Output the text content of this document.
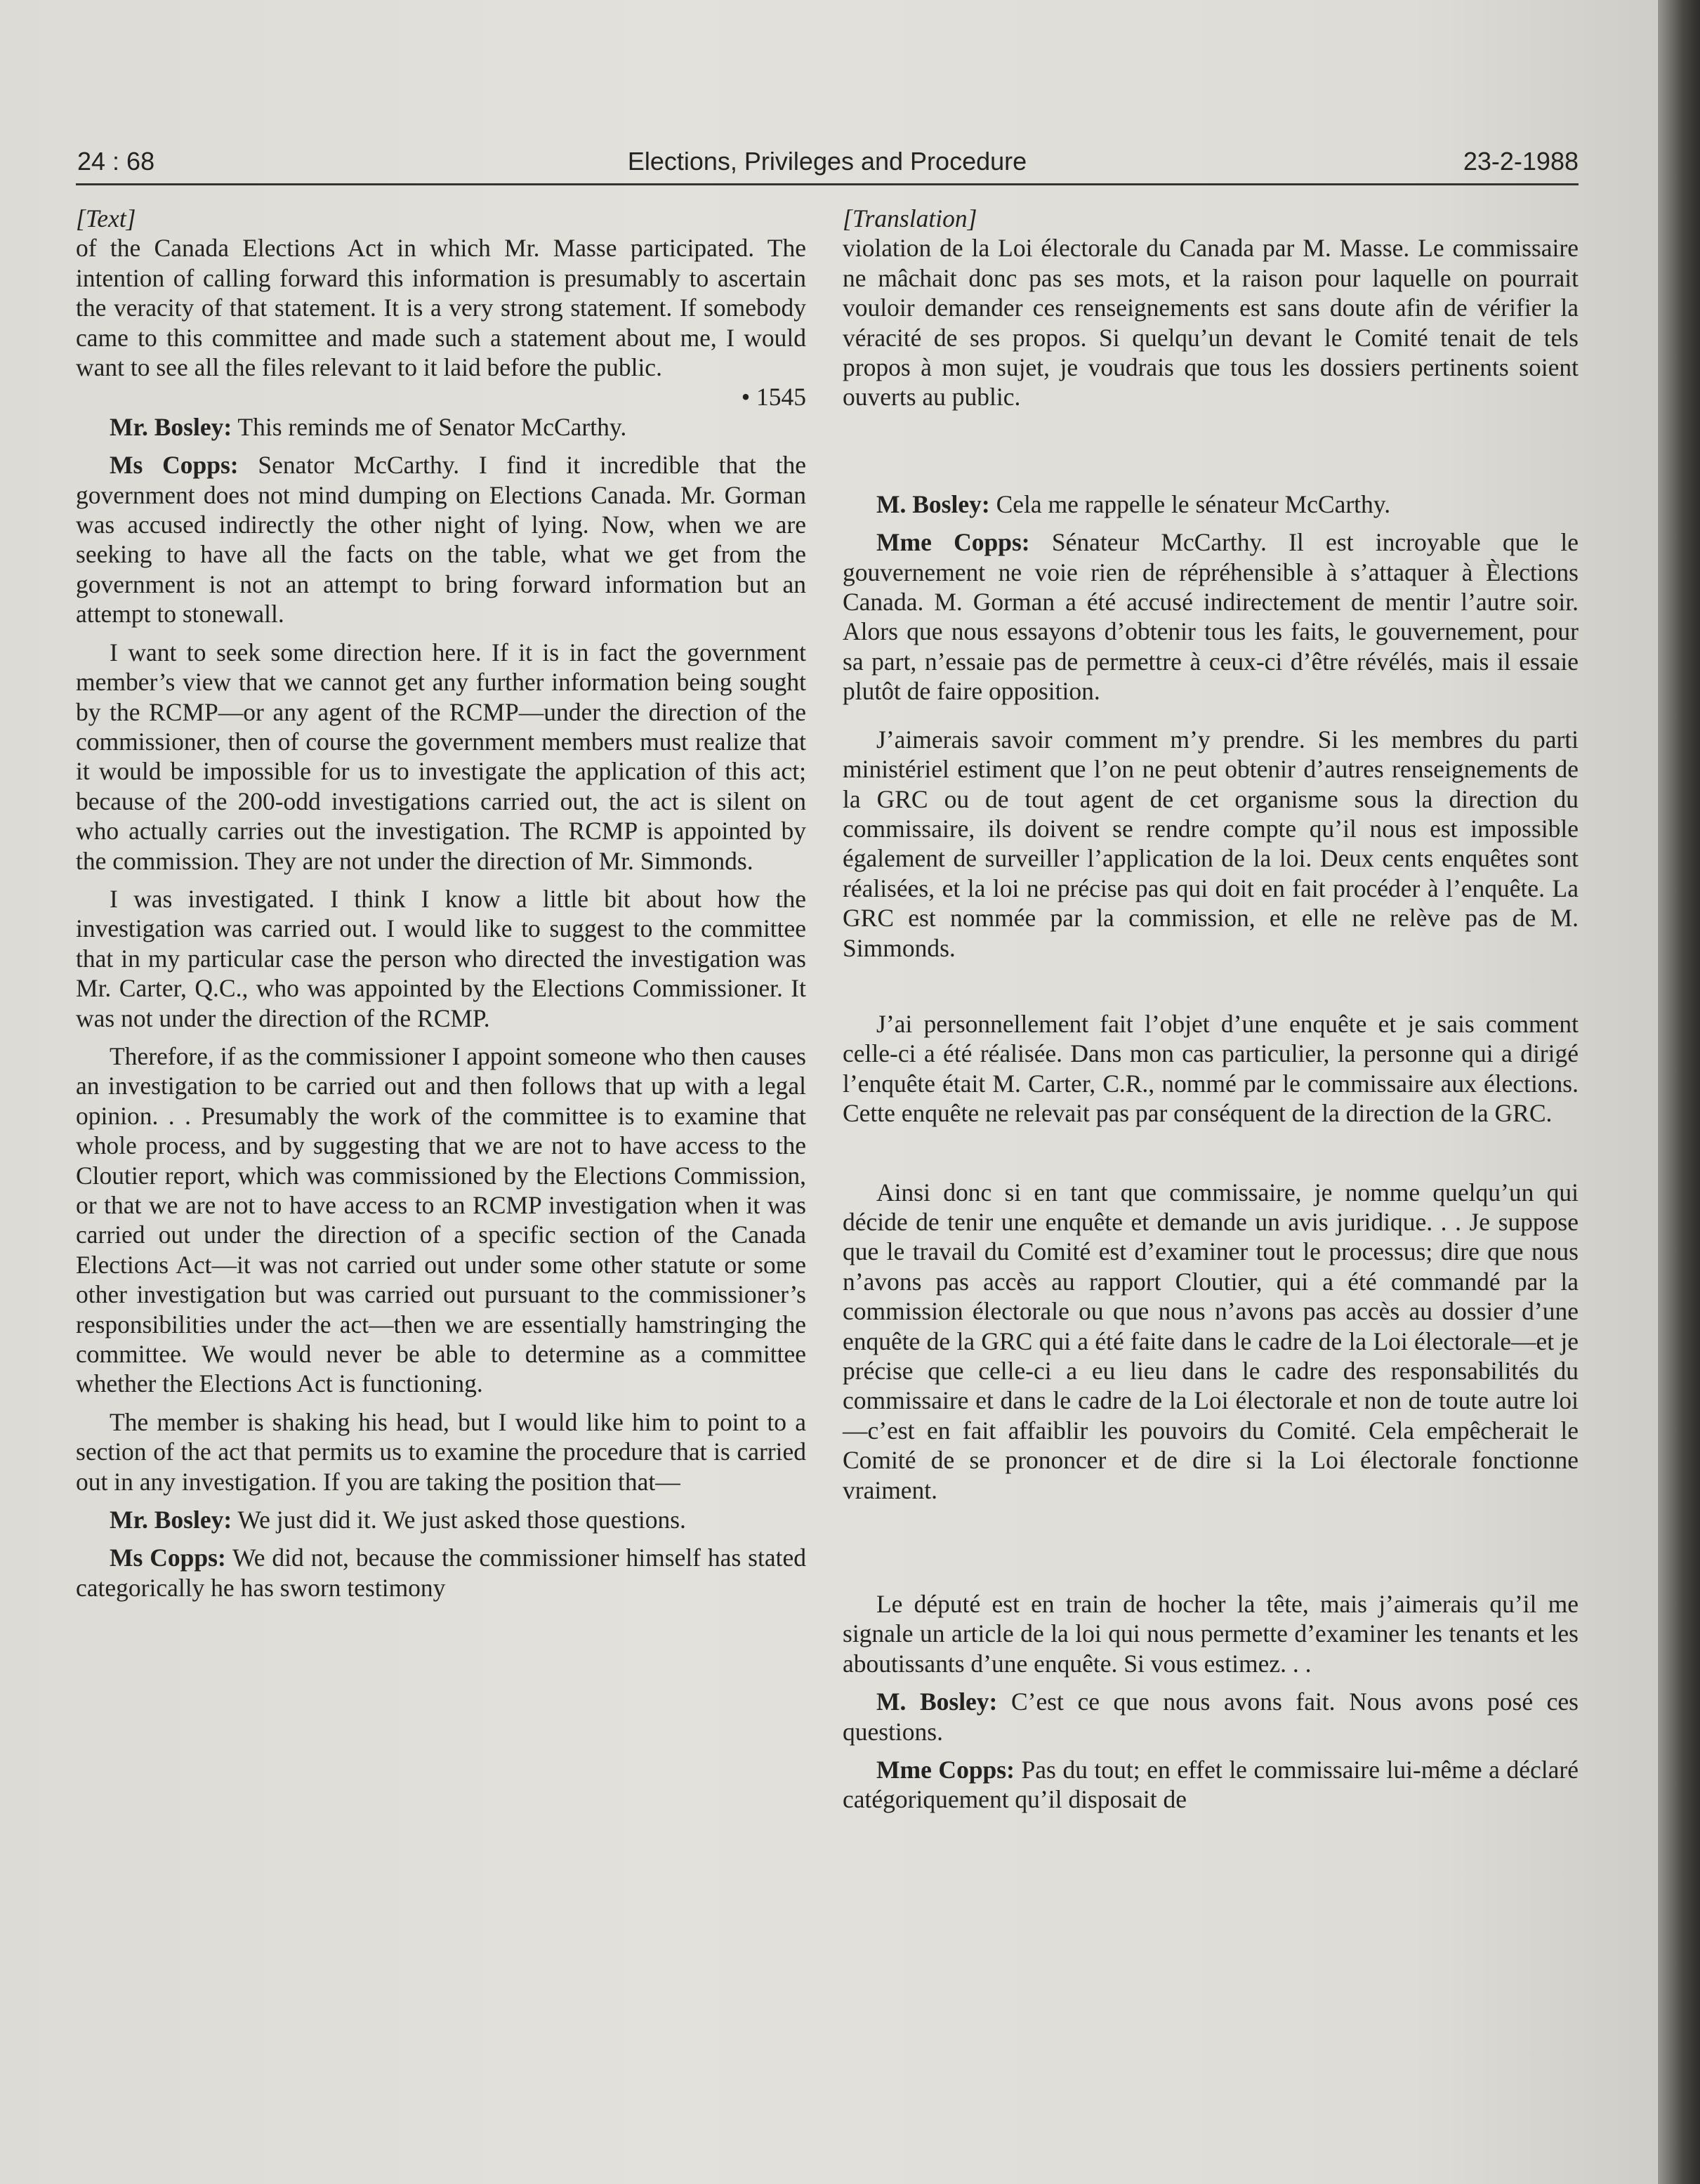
24 : 68	Elections, Privileges and Procedure	23-2-1988

[Text]

of the Canada Elections Act in which Mr. Masse participated. The intention of calling forward this information is presumably to ascertain the veracity of that statement. It is a very strong statement. If somebody came to this committee and made such a statement about me, I would want to see all the files relevant to it laid before the public.

• 1545

Mr. Bosley: This reminds me of Senator McCarthy.

Ms Copps: Senator McCarthy. I find it incredible that the government does not mind dumping on Elections Canada. Mr. Gorman was accused indirectly the other night of lying. Now, when we are seeking to have all the facts on the table, what we get from the government is not an attempt to bring forward information but an attempt to stonewall.

I want to seek some direction here. If it is in fact the government member’s view that we cannot get any further information being sought by the RCMP—or any agent of the RCMP—under the direction of the commissioner, then of course the government members must realize that it would be impossible for us to investigate the application of this act; because of the 200-odd investigations carried out, the act is silent on who actually carries out the investigation. The RCMP is appointed by the commission. They are not under the direction of Mr. Simmonds.

I was investigated. I think I know a little bit about how the investigation was carried out. I would like to suggest to the committee that in my particular case the person who directed the investigation was Mr. Carter, Q.C., who was appointed by the Elections Commissioner. It was not under the direction of the RCMP.

Therefore, if as the commissioner I appoint someone who then causes an investigation to be carried out and then follows that up with a legal opinion. . . Presumably the work of the committee is to examine that whole process, and by suggesting that we are not to have access to the Cloutier report, which was commissioned by the Elections Commission, or that we are not to have access to an RCMP investigation when it was carried out under the direction of a specific section of the Canada Elections Act—it was not carried out under some other statute or some other investigation but was carried out pursuant to the commissioner’s responsibilities under the act—then we are essentially hamstringing the committee. We would never be able to determine as a committee whether the Elections Act is functioning.

The member is shaking his head, but I would like him to point to a section of the act that permits us to examine the procedure that is carried out in any investigation. If you are taking the position that—

Mr. Bosley: We just did it. We just asked those questions.

Ms Copps: We did not, because the commissioner himself has stated categorically he has sworn testimony

[Translation]

violation de la Loi électorale du Canada par M. Masse. Le commissaire ne mâchait donc pas ses mots, et la raison pour laquelle on pourrait vouloir demander ces renseignements est sans doute afin de vérifier la véracité de ses propos. Si quelqu’un devant le Comité tenait de tels propos à mon sujet, je voudrais que tous les dossiers pertinents soient ouverts au public.

M. Bosley: Cela me rappelle le sénateur McCarthy.

Mme Copps: Sénateur McCarthy. Il est incroyable que le gouvernement ne voie rien de répréhensible à s’attaquer à Èlections Canada. M. Gorman a été accusé indirectement de mentir l’autre soir. Alors que nous essayons d’obtenir tous les faits, le gouvernement, pour sa part, n’essaie pas de permettre à ceux-ci d’être révélés, mais il essaie plutôt de faire opposition.

J’aimerais savoir comment m’y prendre. Si les membres du parti ministériel estiment que l’on ne peut obtenir d’autres renseignements de la GRC ou de tout agent de cet organisme sous la direction du commissaire, ils doivent se rendre compte qu’il nous est impossible également de surveiller l’application de la loi. Deux cents enquêtes sont réalisées, et la loi ne précise pas qui doit en fait procéder à l’enquête. La GRC est nommée par la commission, et elle ne relève pas de M. Simmonds.

J’ai personnellement fait l’objet d’une enquête et je sais comment celle-ci a été réalisée. Dans mon cas particulier, la personne qui a dirigé l’enquête était M. Carter, C.R., nommé par le commissaire aux élections. Cette enquête ne relevait pas par conséquent de la direction de la GRC.

Ainsi donc si en tant que commissaire, je nomme quelqu’un qui décide de tenir une enquête et demande un avis juridique. . . Je suppose que le travail du Comité est d’examiner tout le processus; dire que nous n’avons pas accès au rapport Cloutier, qui a été commandé par la commission électorale ou que nous n’avons pas accès au dossier d’une enquête de la GRC qui a été faite dans le cadre de la Loi électorale—et je précise que celle-ci a eu lieu dans le cadre des responsabilités du commissaire et dans le cadre de la Loi électorale et non de toute autre loi—c’est en fait affaiblir les pouvoirs du Comité. Cela empêcherait le Comité de se prononcer et de dire si la Loi électorale fonctionne vraiment.

Le député est en train de hocher la tête, mais j’aimerais qu’il me signale un article de la loi qui nous permette d’examiner les tenants et les aboutissants d’une enquête. Si vous estimez. . .

M. Bosley: C’est ce que nous avons fait. Nous avons posé ces questions.

Mme Copps: Pas du tout; en effet le commissaire lui-même a déclaré catégoriquement qu’il disposait de
